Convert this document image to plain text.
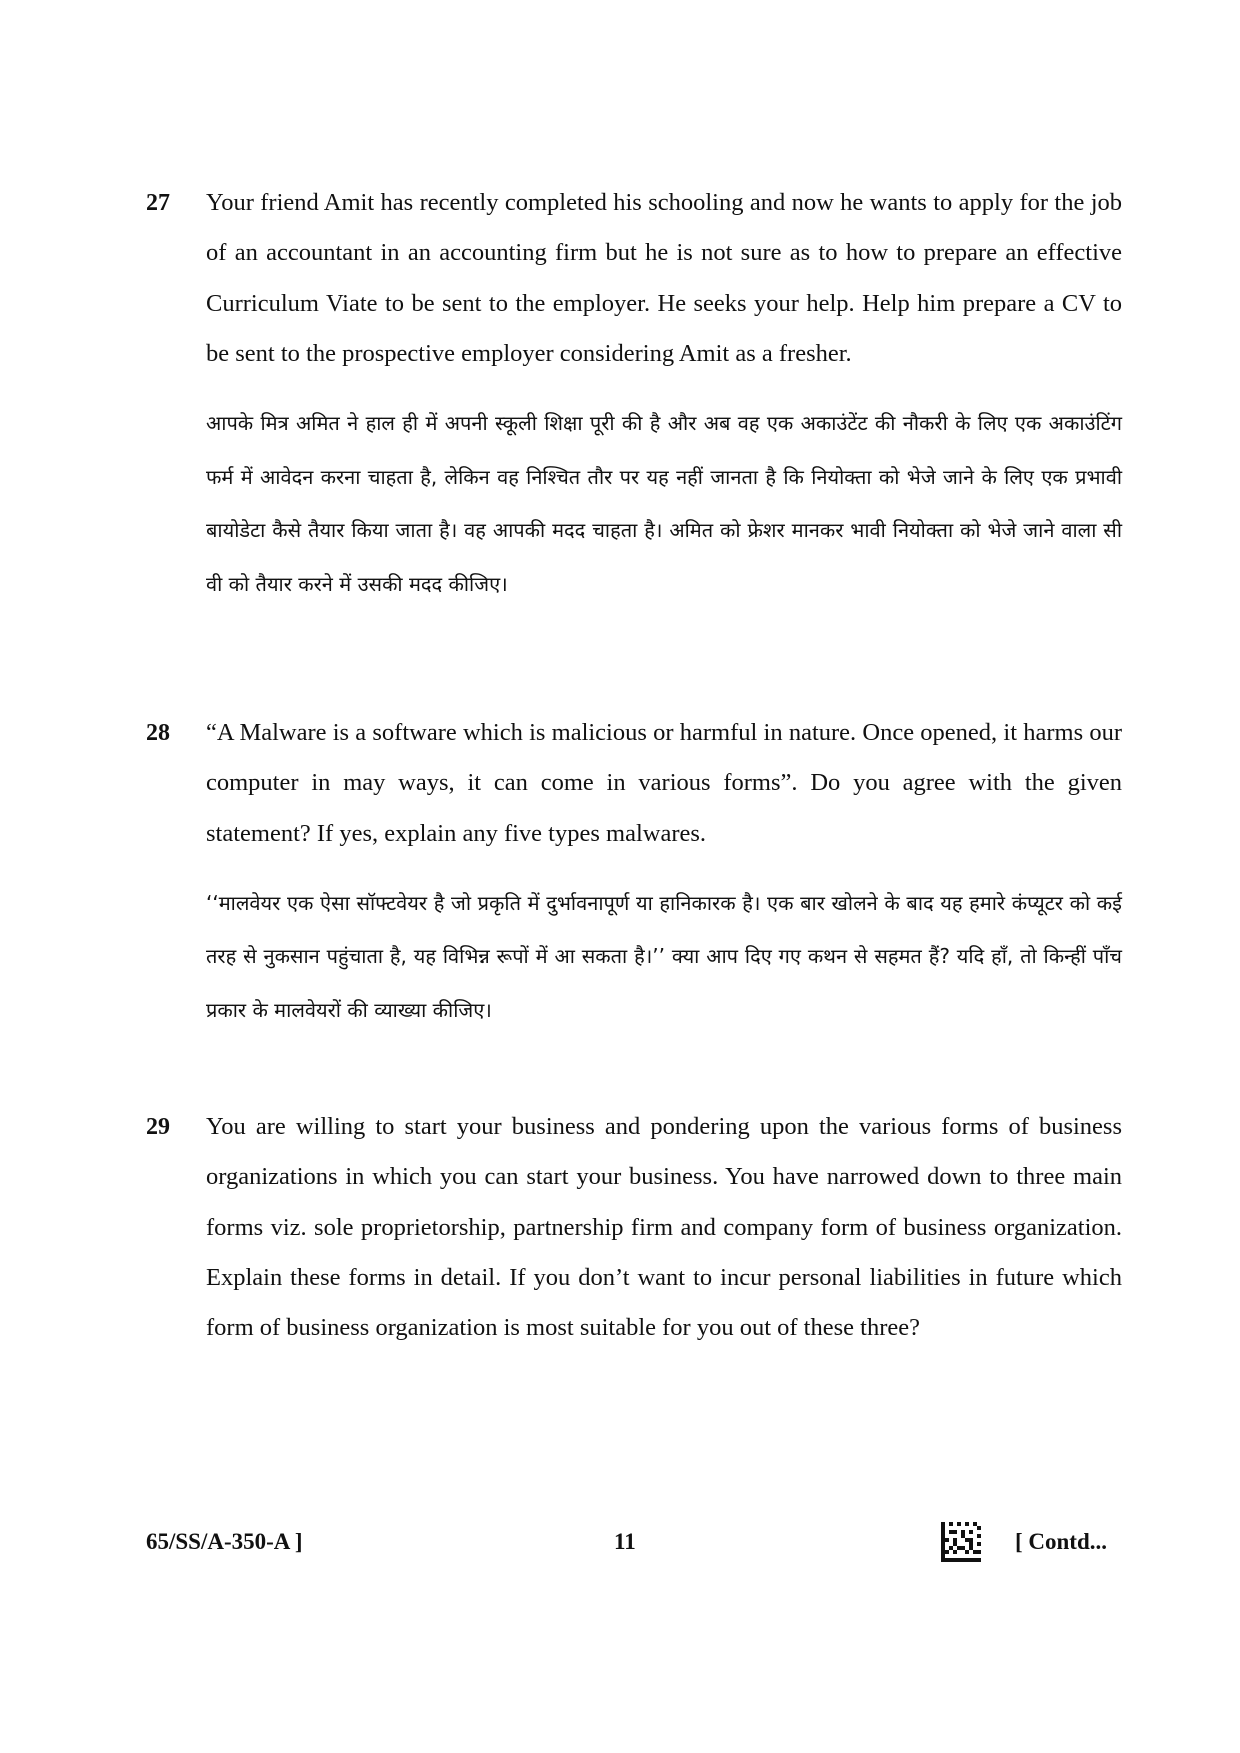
27 Your friend Amit has recently completed his schooling and now he wants to apply for the job of an accountant in an accounting firm but he is not sure as to how to prepare an effective Curriculum Viate to be sent to the employer. He seeks your help. Help him prepare a CV to be sent to the prospective employer considering Amit as a fresher.

आपके मित्र अमित ने हाल ही में अपनी स्कूली शिक्षा पूरी की है और अब वह एक अकाउंटेंट की नौकरी के लिए एक अकाउंटिंग फर्म में आवेदन करना चाहता है, लेकिन वह निश्चित तौर पर यह नहीं जानता है कि नियोक्ता को भेजे जाने के लिए एक प्रभावी बायोडेटा कैसे तैयार किया जाता है। वह आपकी मदद चाहता है। अमित को फ्रेशर मानकर भावी नियोक्ता को भेजे जाने वाला सी वी को तैयार करने में उसकी मदद कीजिए।

28 “A Malware is a software which is malicious or harmful in nature. Once opened, it harms our computer in may ways, it can come in various forms”. Do you agree with the given statement? If yes, explain any five types malwares.

‘‘मालवेयर एक ऐसा सॉफ्टवेयर है जो प्रकृति में दुर्भावनापूर्ण या हानिकारक है। एक बार खोलने के बाद यह हमारे कंप्यूटर को कई तरह से नुकसान पहुंचाता है, यह विभिन्न रूपों में आ सकता है।’’ क्या आप दिए गए कथन से सहमत हैं? यदि हाँ, तो किन्हीं पाँच प्रकार के मालवेयरों की व्याख्या कीजिए।

29 You are willing to start your business and pondering upon the various forms of business organizations in which you can start your business. You have narrowed down to three main forms viz. sole proprietorship, partnership firm and company form of business organization. Explain these forms in detail. If you don’t want to incur personal liabilities in future which form of business organization is most suitable for you out of these three?

65/SS/A-350-A ]	11	[ Contd...
